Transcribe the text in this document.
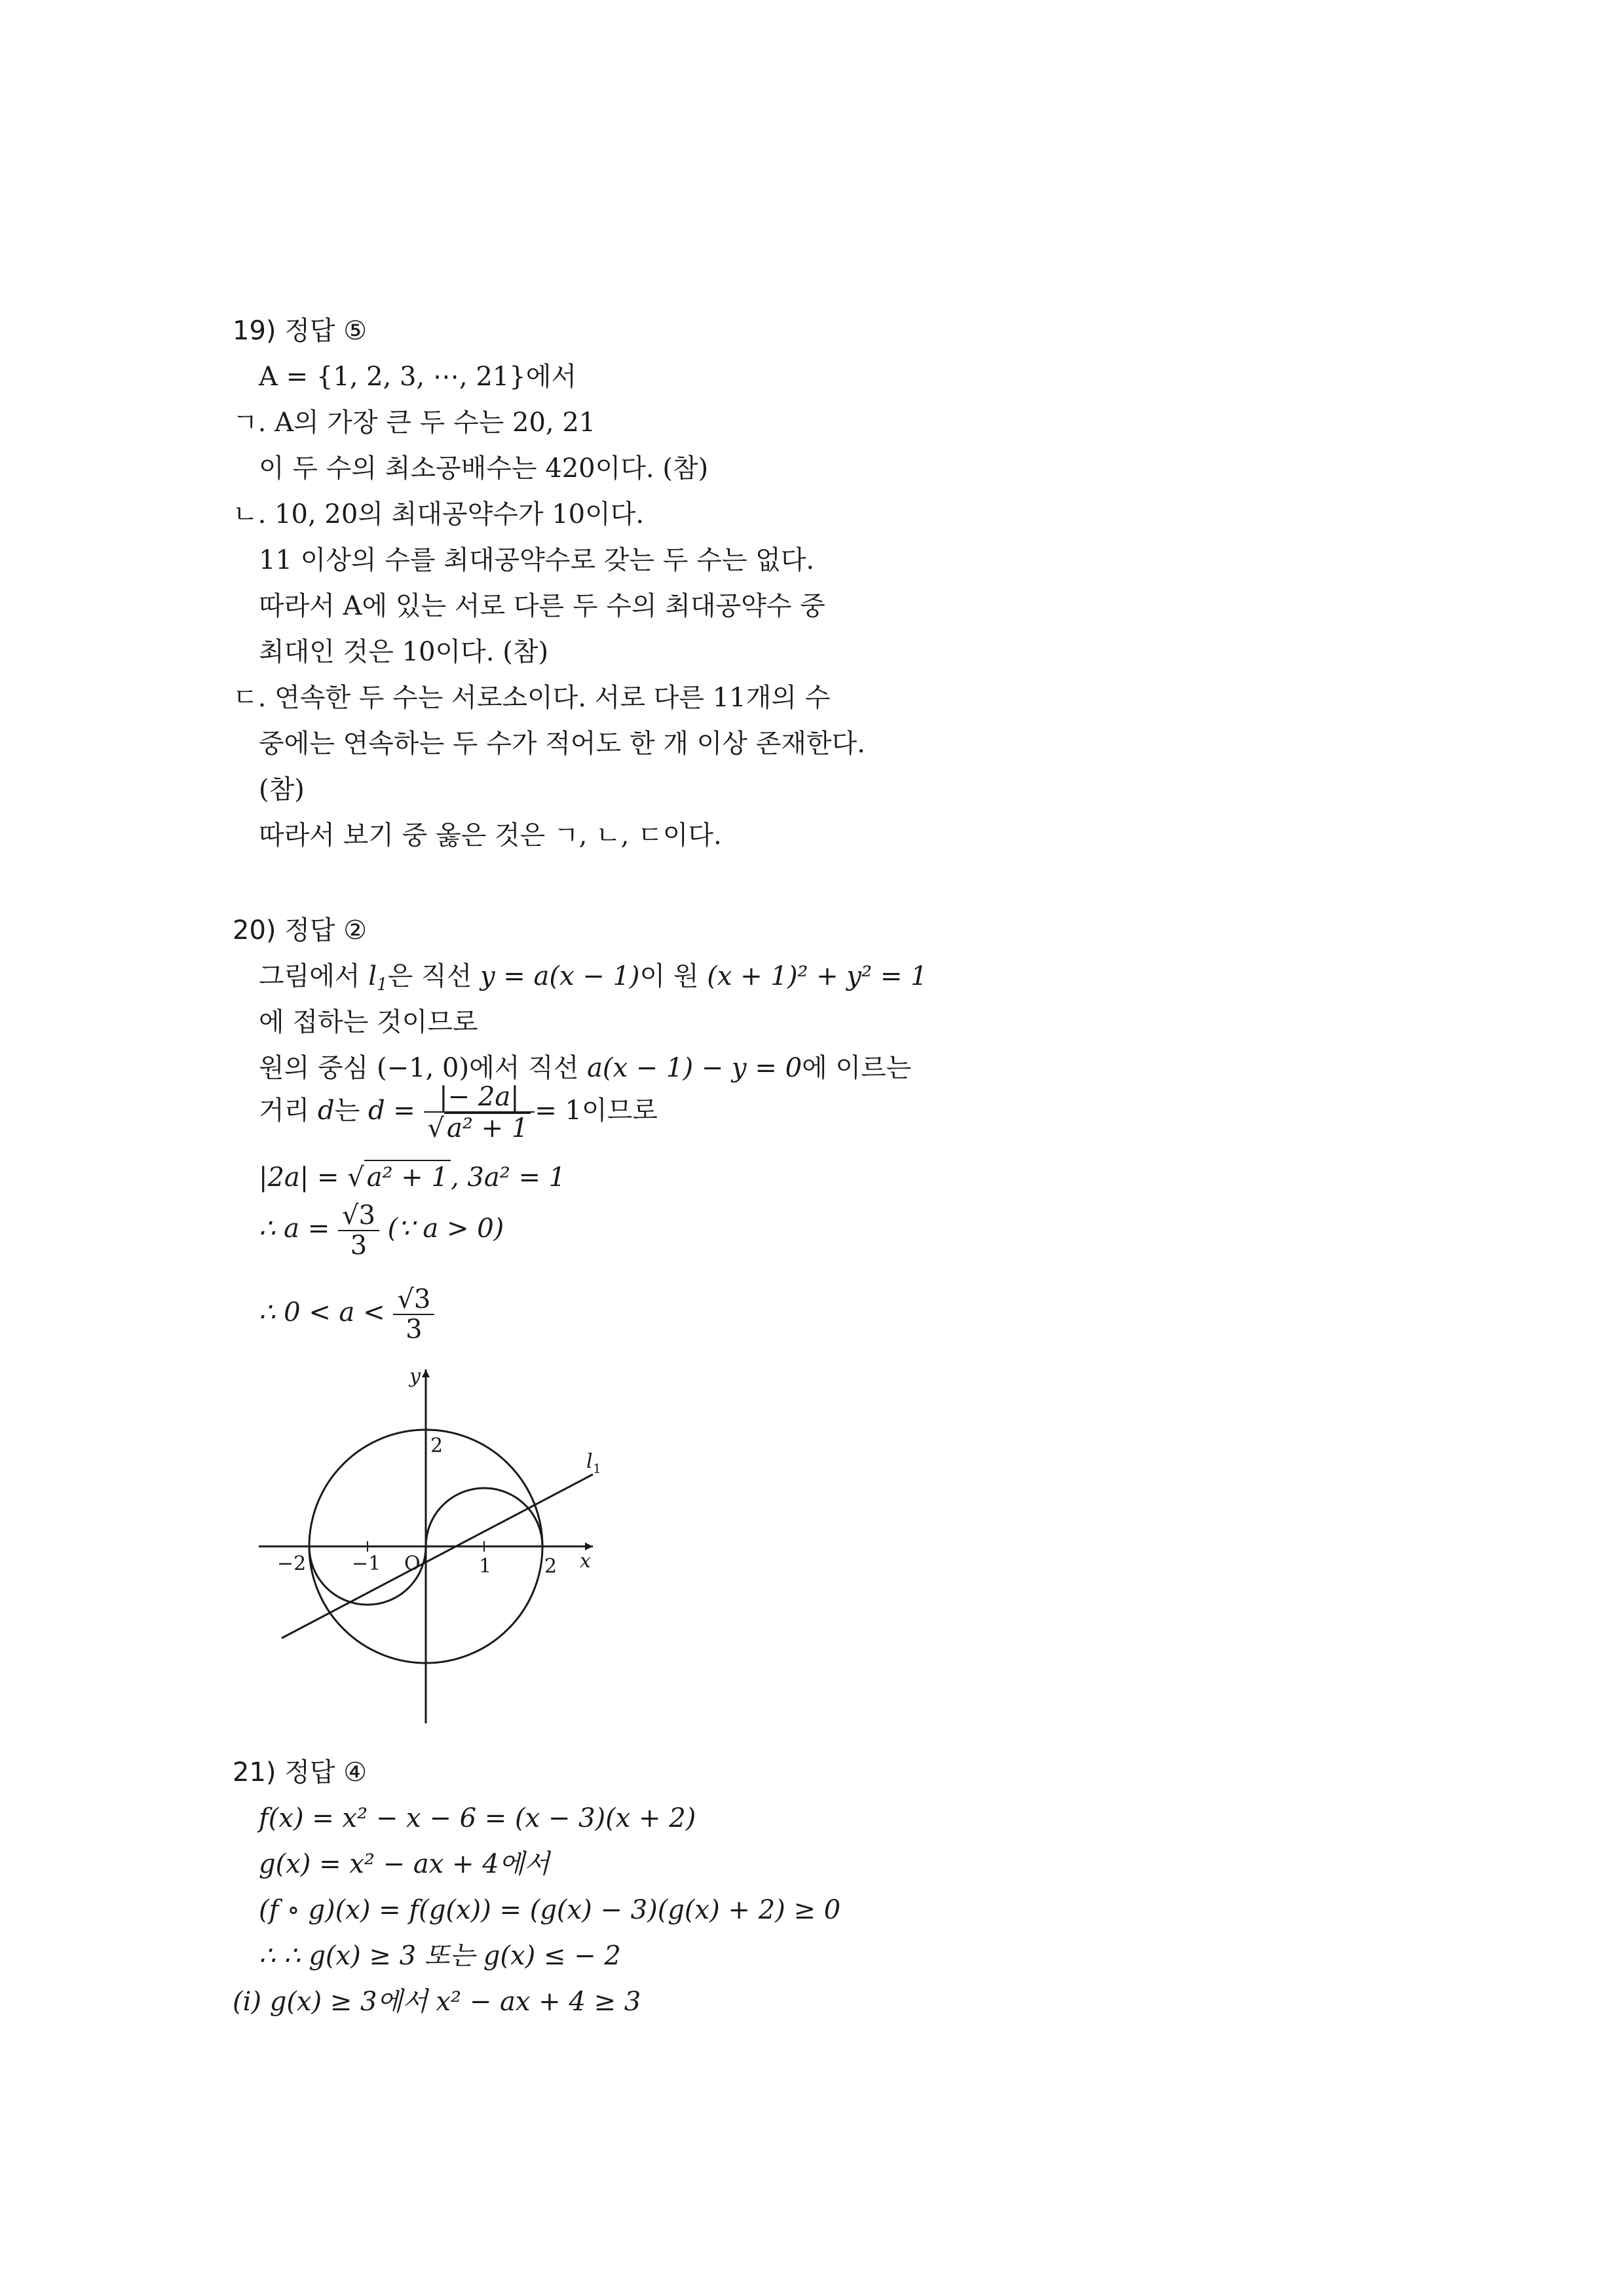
19) 정답 ⑤
A = {1, 2, 3, ⋯, 21}에서
ㄱ. A의 가장 큰 두 수는 20, 21
이 두 수의 최소공배수는 420이다. (참)
ㄴ. 10, 20의 최대공약수가 10이다.
11 이상의 수를 최대공약수로 갖는 두 수는 없다.
따라서 A에 있는 서로 다른 두 수의 최대공약수 중
최대인 것은 10이다. (참)
ㄷ. 연속한 두 수는 서로소이다. 서로 다른 11개의 수
중에는 연속하는 두 수가 적어도 한 개 이상 존재한다.
(참)
따라서 보기 중 옳은 것은 ㄱ, ㄴ, ㄷ이다.
20) 정답 ②
그림에서 $l_1$은 직선 y = a(x − 1)이 원 (x + 1)² + y² = 1
에 접하는 것이므로
원의 중심 (−1, 0)에서 직선 a(x − 1) − y = 0에 이르는
거리 d는 $d = \frac{|- 2a|}{\text{√ a² + 1}} = 1$이므로
|2a| = √ a² + 1 , 3a² = 1
∴ $a = \frac{√3}{3}$ (∵ a > 0)
∴ $0 < a < \frac{√3}{3}$
y
x
l 1
−2 −1 O	1	2
2
21) 정답 ④
f(x) = x² − x − 6 = (x − 3)(x + 2)
g(x) = x² − ax + 4에서
(f ∘ g)(x) = f(g(x)) = (g(x) − 3)(g(x) + 2) ≥ 0
∴ ∴ g(x) ≥ 3 또는 g(x) ≤ − 2
(i) g(x) ≥ 3에서 x² − ax + 4 ≥ 3
